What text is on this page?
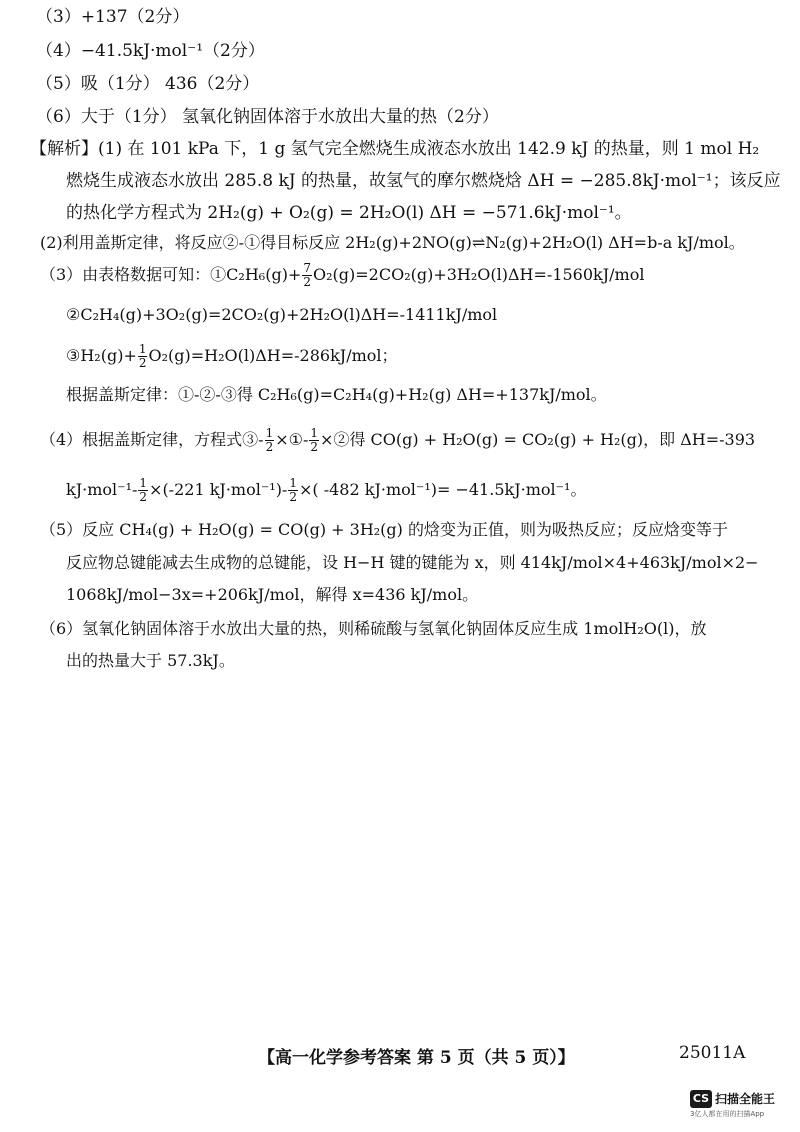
（3）+137（2分）
（4）−41.5kJ·mol⁻¹（2分）
（5）吸（1分） 436（2分）
（6）大于（1分） 氢氧化钠固体溶于水放出大量的热（2分）
【解析】(1) 在 101 kPa 下，1 g 氢气完全燃烧生成液态水放出 142.9 kJ 的热量，则 1 mol H₂
燃烧生成液态水放出 285.8 kJ 的热量，故氢气的摩尔燃烧焓 ΔH = −285.8kJ·mol⁻¹；该反应
的热化学方程式为 2H₂(g) + O₂(g) = 2H₂O(l) ΔH = −571.6kJ·mol⁻¹。
(2)利用盖斯定律，将反应②-①得目标反应 2H₂(g)+2NO(g)⇌N₂(g)+2H₂O(l) ΔH=b-a kJ/mol。
（3）由表格数据可知：①C₂H₆(g)+ $\frac{7}{2} O_2(g)=2CO_2(g)+3H_2O(l)\Delta H=-1560kJ/mol$
②C₂H₄(g)+3O₂(g)=2CO₂(g)+2H₂O(l)ΔH=-1411kJ/mol
③H₂(g)+ $\frac{1}{2} O_2(g)=H_2O(l)\Delta H=-286kJ/mol$；
根据盖斯定律：①-②-③得 C₂H₆(g)=C₂H₄(g)+H₂(g) ΔH=+137kJ/mol。
（4）根据盖斯定律，方程式③- $\frac{1}{2}$ ×①- $\frac{1}{2}$ ×②得 CO(g) + H₂O(g) = CO₂(g) + H₂(g)，即 ΔH=-393
$kJ\cdot mol^{-1}- \frac{1}{2} \times(-221$ $kJ\cdot mol^{-1})- \frac{1}{2}$ ×( -482 kJ·mol⁻¹)= −41.5kJ·mol⁻¹。
（5）反应 CH₄(g) + H₂O(g) = CO(g) + 3H₂(g) 的焓变为正值，则为吸热反应；反应焓变等于
反应物总键能减去生成物的总键能，设 H−H 键的键能为 x，则 414kJ/mol×4+463kJ/mol×2−
1068kJ/mol−3x=+206kJ/mol，解得 x=436 kJ/mol。
（6）氢氧化钠固体溶于水放出大量的热，则稀硫酸与氢氧化钠固体反应生成 1molH₂O(l)，放
出的热量大于 57.3kJ。
【高一化学参考答案 第 5 页（共 5 页）】	25011A
CS 扫描全能王
3亿人都在用的扫描App
